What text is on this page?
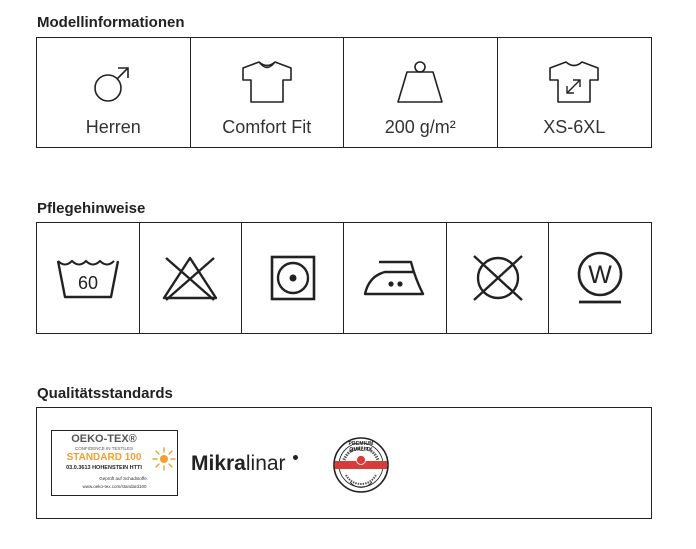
Modellinformationen
Herren	Comfort Fit	200 g/m²	XS-6XL
Pflegehinweise
60	W
Qualitätsstandards
OEKO-TEX®
CONFIDENCE IN TEXTILES
STANDARD 100
03.0.3613 HOHENSTEIN HTTI
Geprüft auf Schadstoffe.
www.oeko-tex.com/standard100
Mikralinar
PREMIUM QUALITY
